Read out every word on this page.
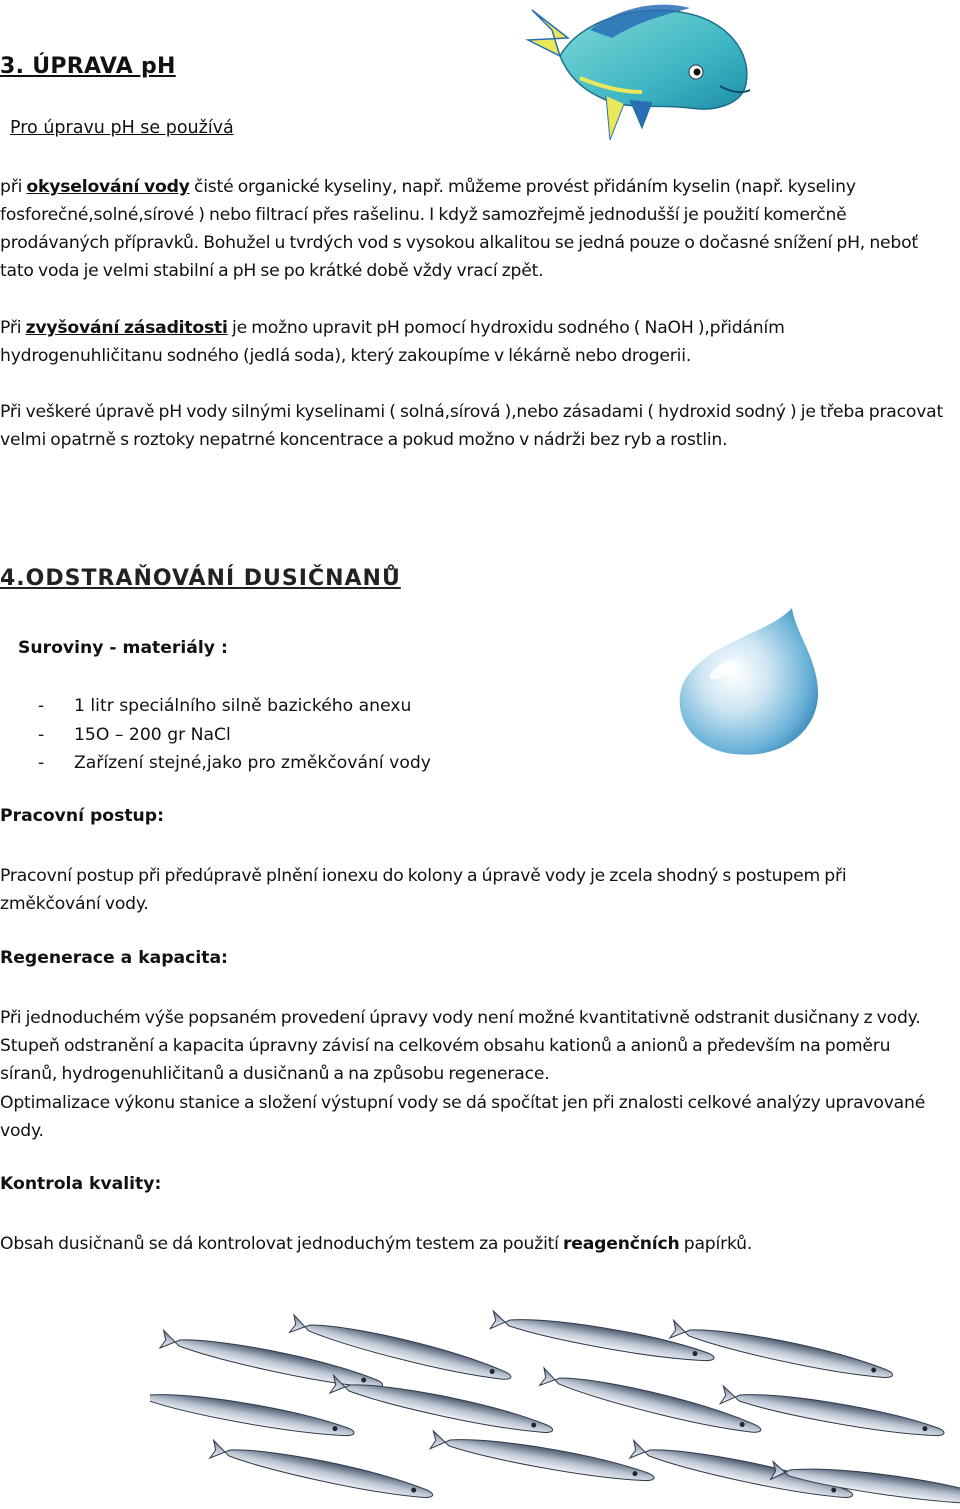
3. ÚPRAVA pH

Pro úpravu pH se používá

při okyselování vody čisté organické kyseliny, např. můžeme provést přidáním kyselin (např. kyseliny fosforečné,solné,sírové ) nebo filtrací přes rašelinu. I když samozřejmě jednodušší je použití komerčně prodávaných přípravků. Bohužel u tvrdých vod s vysokou alkalitou se jedná pouze o dočasné snížení pH, neboť tato voda je velmi stabilní a pH se po krátké době vždy vrací zpět.

Při zvyšování zásaditosti je možno upravit pH pomocí hydroxidu sodného ( NaOH ),přidáním hydrogenuhličitanu sodného (jedlá soda), který zakoupíme v lékárně nebo drogerii.

Při veškeré úpravě pH vody silnými kyselinami ( solná,sírová ),nebo zásadami ( hydroxid sodný ) je třeba pracovat velmi opatrně s roztoky nepatrné koncentrace a pokud možno v nádrži bez ryb a rostlin.

4.ODSTRAŇOVÁNÍ DUSIČNANŮ

Suroviny - materiály :

- 1 litr speciálního silně bazického anexu
- 15O – 200 gr NaCl
- Zařízení stejné,jako pro změkčování vody

Pracovní postup:

Pracovní postup při předúpravě plnění ionexu do kolony a úpravě vody je zcela shodný s postupem při změkčování vody.

Regenerace a kapacita:

Při jednoduchém výše popsaném provedení úpravy vody není možné kvantitativně odstranit dusičnany z vody. Stupeň odstranění a kapacita úpravny závisí na celkovém obsahu kationů a anionů a především na poměru síranů, hydrogenuhličitanů a dusičnanů a na způsobu regenerace.

Optimalizace výkonu stanice a složení výstupní vody se dá spočítat jen při znalosti celkové analýzy upravované vody.

Kontrola kvality:

Obsah dusičnanů se dá kontrolovat jednoduchým testem za použití reagenčních papírků.
